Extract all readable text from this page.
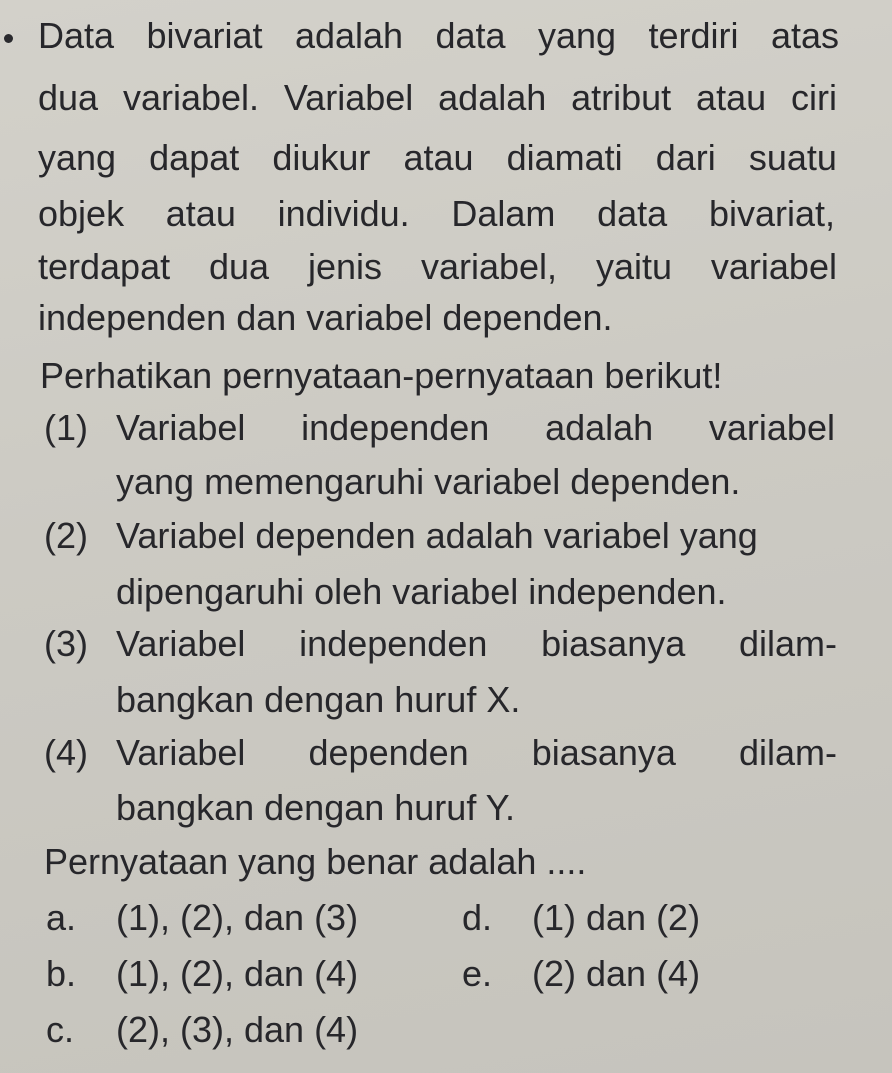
Data bivariat adalah data yang terdiri atas
dua variabel. Variabel adalah atribut atau ciri
yang dapat diukur atau diamati dari suatu
objek atau individu. Dalam data bivariat,
terdapat dua jenis variabel, yaitu variabel
independen dan variabel dependen.
Perhatikan pernyataan-pernyataan berikut!
(1) Variabel independen adalah variabel
yang memengaruhi variabel dependen.
(2) Variabel dependen adalah variabel yang
dipengaruhi oleh variabel independen.
(3) Variabel independen biasanya dilam-
bangkan dengan huruf X.
(4) Variabel dependen biasanya dilam-
bangkan dengan huruf Y.
Pernyataan yang benar adalah ....
a. (1), (2), dan (3)	d. (1) dan (2)
b. (1), (2), dan (4)	e. (2) dan (4)
c. (2), (3), dan (4)
